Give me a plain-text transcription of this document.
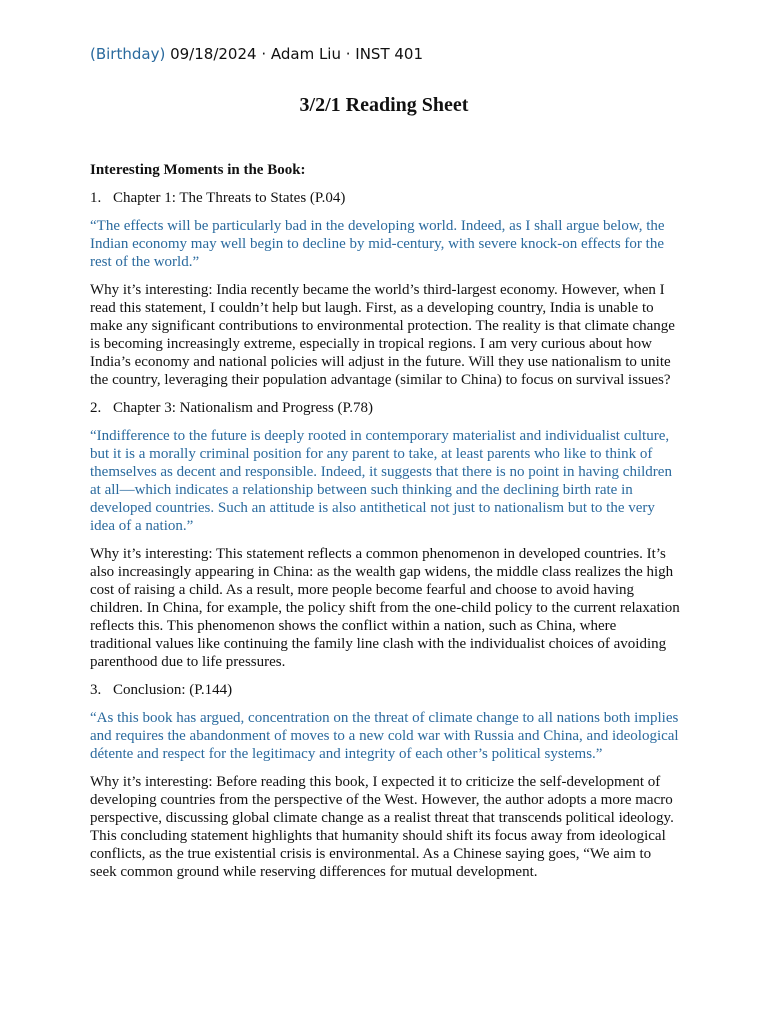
(Birthday) 09/18/2024 · Adam Liu · INST 401
3/2/1 Reading Sheet

Interesting Moments in the Book:

1. Chapter 1: The Threats to States (P.04)

“The effects will be particularly bad in the developing world. Indeed, as I shall argue below, the Indian economy may well begin to decline by mid-century, with severe knock-on effects for the rest of the world.”

Why it’s interesting: India recently became the world’s third-largest economy. However, when I read this statement, I couldn’t help but laugh. First, as a developing country, India is unable to make any significant contributions to environmental protection. The reality is that climate change is becoming increasingly extreme, especially in tropical regions. I am very curious about how India’s economy and national policies will adjust in the future. Will they use nationalism to unite the country, leveraging their population advantage (similar to China) to focus on survival issues?

2. Chapter 3: Nationalism and Progress (P.78)

“Indifference to the future is deeply rooted in contemporary materialist and individualist culture, but it is a morally criminal position for any parent to take, at least parents who like to think of themselves as decent and responsible. Indeed, it suggests that there is no point in having children at all—which indicates a relationship between such thinking and the declining birth rate in developed countries. Such an attitude is also antithetical not just to nationalism but to the very idea of a nation.”

Why it’s interesting: This statement reflects a common phenomenon in developed countries. It’s also increasingly appearing in China: as the wealth gap widens, the middle class realizes the high cost of raising a child. As a result, more people become fearful and choose to avoid having children. In China, for example, the policy shift from the one-child policy to the current relaxation reflects this. This phenomenon shows the conflict within a nation, such as China, where traditional values like continuing the family line clash with the individualist choices of avoiding parenthood due to life pressures.

3. Conclusion: (P.144)

“As this book has argued, concentration on the threat of climate change to all nations both implies and requires the abandonment of moves to a new cold war with Russia and China, and ideological détente and respect for the legitimacy and integrity of each other’s political systems.”

Why it’s interesting: Before reading this book, I expected it to criticize the self-development of developing countries from the perspective of the West. However, the author adopts a more macro perspective, discussing global climate change as a realist threat that transcends political ideology. This concluding statement highlights that humanity should shift its focus away from ideological conflicts, as the true existential crisis is environmental. As a Chinese saying goes, “We aim to seek common ground while reserving differences for mutual development.
